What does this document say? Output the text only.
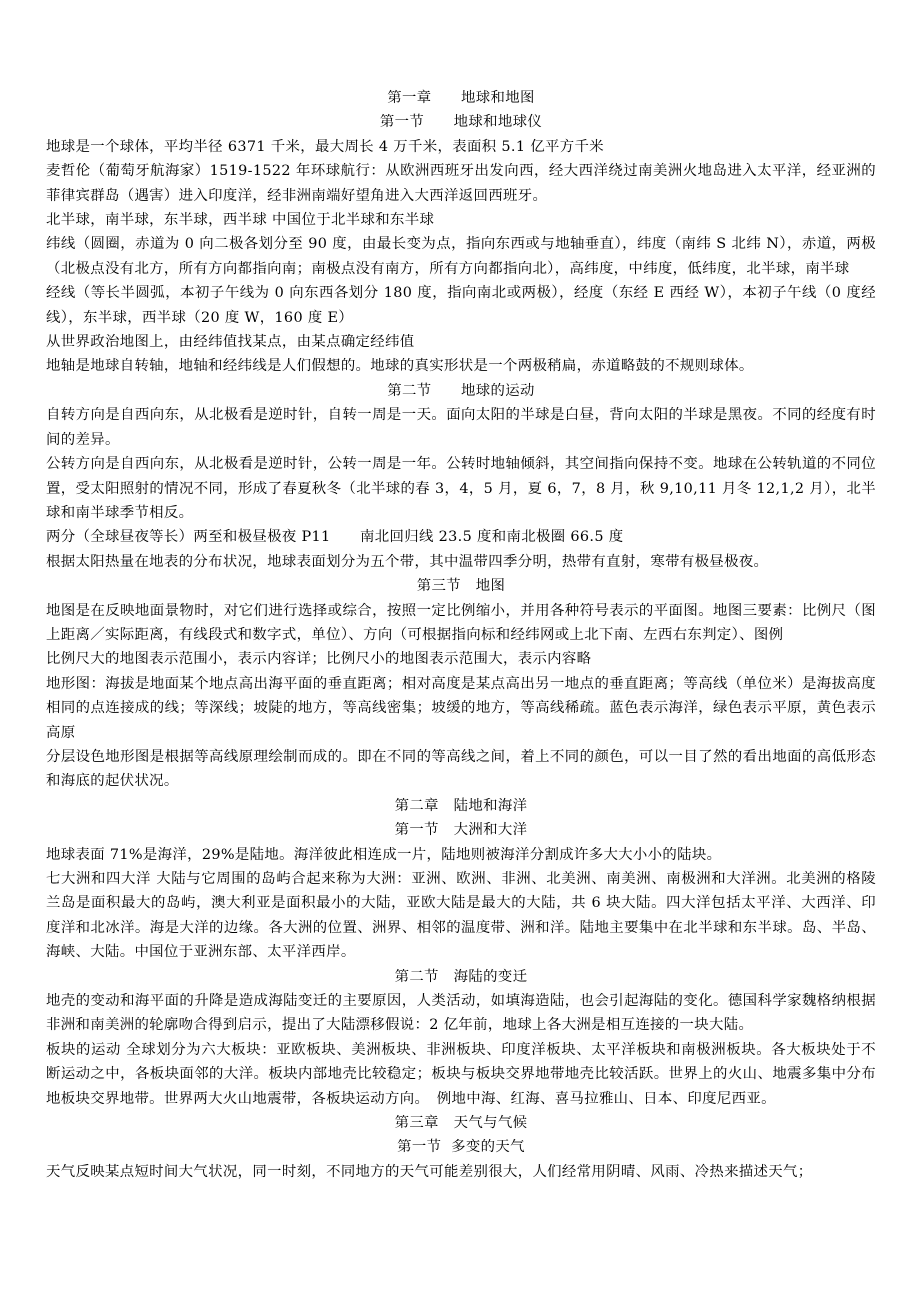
第一章　　地球和地图
第一节　　地球和地球仪

地球是一个球体，平均半径 6371 千米，最大周长 4 万千米，表面积 5.1 亿平方千米

麦哲伦（葡萄牙航海家）1519-1522 年环球航行：从欧洲西班牙出发向西，经大西洋绕过南美洲火地岛进入太平洋，经亚洲的菲律宾群岛（遇害）进入印度洋，经非洲南端好望角进入大西洋返回西班牙。

北半球，南半球，东半球，西半球 中国位于北半球和东半球

纬线（圆圈，赤道为 0 向二极各划分至 90 度，由最长变为点，指向东西或与地轴垂直），纬度（南纬 S 北纬 N），赤道，两极（北极点没有北方，所有方向都指向南；南极点没有南方，所有方向都指向北），高纬度，中纬度，低纬度，北半球，南半球

经线（等长半圆弧，本初子午线为 0 向东西各划分 180 度，指向南北或两极），经度（东经 E 西经 W），本初子午线（0 度经线），东半球，西半球（20 度 W，160 度 E）

从世界政治地图上，由经纬值找某点，由某点确定经纬值

地轴是地球自转轴，地轴和经纬线是人们假想的。地球的真实形状是一个两极稍扁，赤道略鼓的不规则球体。

第二节　　地球的运动

自转方向是自西向东，从北极看是逆时针，自转一周是一天。面向太阳的半球是白昼，背向太阳的半球是黑夜。不同的经度有时间的差异。

公转方向是自西向东，从北极看是逆时针，公转一周是一年。公转时地轴倾斜，其空间指向保持不变。地球在公转轨道的不同位置，受太阳照射的情况不同，形成了春夏秋冬（北半球的春 3，4，5 月，夏 6，7，8 月，秋 9,10,11 月冬 12,1,2 月），北半球和南半球季节相反。

两分（全球昼夜等长）两至和极昼极夜 P11　　南北回归线 23.5 度和南北极圈 66.5 度

根据太阳热量在地表的分布状况，地球表面划分为五个带，其中温带四季分明，热带有直射，寒带有极昼极夜。

第三节　地图

地图是在反映地面景物时，对它们进行选择或综合，按照一定比例缩小，并用各种符号表示的平面图。地图三要素：比例尺（图上距离／实际距离，有线段式和数字式，单位）、方向（可根据指向标和经纬网或上北下南、左西右东判定）、图例

比例尺大的地图表示范围小，表示内容详；比例尺小的地图表示范围大，表示内容略

地形图：海拔是地面某个地点高出海平面的垂直距离；相对高度是某点高出另一地点的垂直距离；等高线（单位米）是海拔高度相同的点连接成的线；等深线；坡陡的地方，等高线密集；坡缓的地方，等高线稀疏。蓝色表示海洋，绿色表示平原，黄色表示高原

分层设色地形图是根据等高线原理绘制而成的。即在不同的等高线之间，着上不同的颜色，可以一目了然的看出地面的高低形态和海底的起伏状况。

第二章　陆地和海洋
第一节　大洲和大洋

地球表面 71%是海洋，29%是陆地。海洋彼此相连成一片，陆地则被海洋分割成许多大大小小的陆块。

七大洲和四大洋 大陆与它周围的岛屿合起来称为大洲：亚洲、欧洲、非洲、北美洲、南美洲、南极洲和大洋洲。北美洲的格陵兰岛是面积最大的岛屿，澳大利亚是面积最小的大陆，亚欧大陆是最大的大陆，共 6 块大陆。四大洋包括太平洋、大西洋、印度洋和北冰洋。海是大洋的边缘。各大洲的位置、洲界、相邻的温度带、洲和洋。陆地主要集中在北半球和东半球。岛、半岛、海峡、大陆。中国位于亚洲东部、太平洋西岸。

第二节　海陆的变迁

地壳的变动和海平面的升降是造成海陆变迁的主要原因，人类活动，如填海造陆，也会引起海陆的变化。德国科学家魏格纳根据非洲和南美洲的轮廓吻合得到启示，提出了大陆漂移假说：2 亿年前，地球上各大洲是相互连接的一块大陆。

板块的运动 全球划分为六大板块：亚欧板块、美洲板块、非洲板块、印度洋板块、太平洋板块和南极洲板块。各大板块处于不断运动之中，各板块面邻的大洋。板块内部地壳比较稳定；板块与板块交界地带地壳比较活跃。世界上的火山、地震多集中分布地板块交界地带。世界两大火山地震带，各板块运动方向。　例地中海、红海、喜马拉雅山、日本、印度尼西亚。

第三章　天气与气候
第一节  多变的天气

天气反映某点短时间大气状况，同一时刻，不同地方的天气可能差别很大，人们经常用阴晴、风雨、冷热来描述天气；
